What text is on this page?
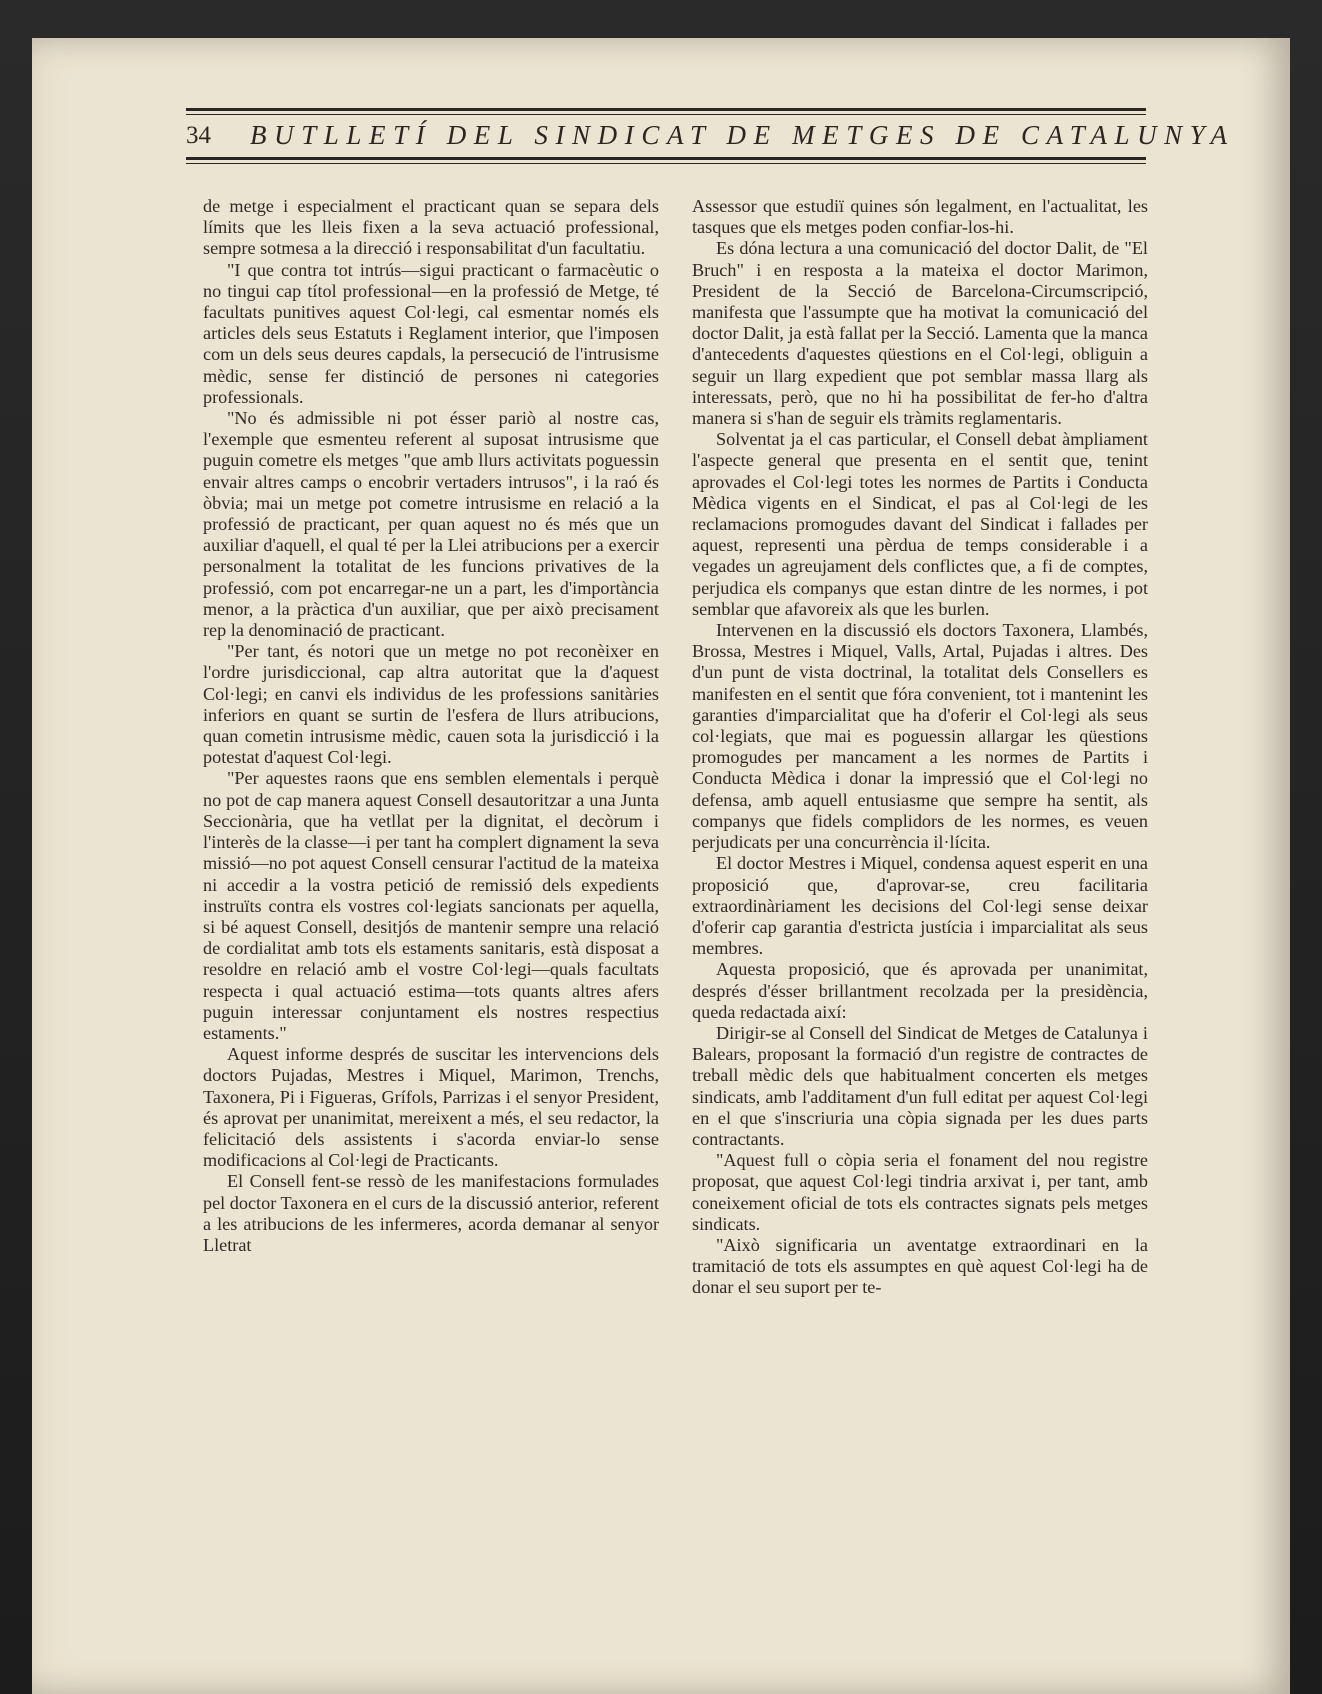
34 BUTLLETÍ DEL SINDICAT DE METGES DE CATALUNYA

de metge i especialment el practicant quan se separa dels límits que les lleis fixen a la seva actuació professional, sempre sotmesa a la direcció i responsabilitat d'un facultatiu.

"I que contra tot intrús—sigui practicant o farmacèutic o no tingui cap títol professional—en la professió de Metge, té facultats punitives aquest Col·legi, cal esmentar només els articles dels seus Estatuts i Reglament interior, que l'imposen com un dels seus deures capdals, la persecució de l'intrusisme mèdic, sense fer distinció de persones ni categories professionals.

"No és admissible ni pot ésser pariò al nostre cas, l'exemple que esmenteu referent al suposat intrusisme que puguin cometre els metges "que amb llurs activitats poguessin envair altres camps o encobrir vertaders intrusos", i la raó és òbvia; mai un metge pot cometre intrusisme en relació a la professió de practicant, per quan aquest no és més que un auxiliar d'aquell, el qual té per la Llei atribucions per a exercir personalment la totalitat de les funcions privatives de la professió, com pot encarregar-ne un a part, les d'importància menor, a la pràctica d'un auxiliar, que per això precisament rep la denominació de practicant.

"Per tant, és notori que un metge no pot reconèixer en l'ordre jurisdiccional, cap altra autoritat que la d'aquest Col·legi; en canvi els individus de les professions sanitàries inferiors en quant se surtin de l'esfera de llurs atribucions, quan cometin intrusisme mèdic, cauen sota la jurisdicció i la potestat d'aquest Col·legi.

"Per aquestes raons que ens semblen elementals i perquè no pot de cap manera aquest Consell desautoritzar a una Junta Seccionària, que ha vetllat per la dignitat, el decòrum i l'interès de la classe—i per tant ha complert dignament la seva missió—no pot aquest Consell censurar l'actitud de la mateixa ni accedir a la vostra petició de remissió dels expedients instruïts contra els vostres col·legiats sancionats per aquella, si bé aquest Consell, desitjós de mantenir sempre una relació de cordialitat amb tots els estaments sanitaris, està disposat a resoldre en relació amb el vostre Col·legi—quals facultats respecta i qual actuació estima—tots quants altres afers puguin interessar conjuntament els nostres respectius estaments."

Aquest informe després de suscitar les intervencions dels doctors Pujadas, Mestres i Miquel, Marimon, Trenchs, Taxonera, Pi i Figueras, Grífols, Parrizas i el senyor President, és aprovat per unanimitat, mereixent a més, el seu redactor, la felicitació dels assistents i s'acorda enviar-lo sense modificacions al Col·legi de Practicants.

El Consell fent-se ressò de les manifestacions formulades pel doctor Taxonera en el curs de la discussió anterior, referent a les atribucions de les infermeres, acorda demanar al senyor Lletrat

Assessor que estudiï quines són legalment, en l'actualitat, les tasques que els metges poden confiar-los-hi.

Es dóna lectura a una comunicació del doctor Dalit, de "El Bruch" i en resposta a la mateixa el doctor Marimon, President de la Secció de Barcelona-Circumscripció, manifesta que l'assumpte que ha motivat la comunicació del doctor Dalit, ja està fallat per la Secció. Lamenta que la manca d'antecedents d'aquestes qüestions en el Col·legi, obliguin a seguir un llarg expedient que pot semblar massa llarg als interessats, però, que no hi ha possibilitat de fer-ho d'altra manera si s'han de seguir els tràmits reglamentaris.

Solventat ja el cas particular, el Consell debat àmpliament l'aspecte general que presenta en el sentit que, tenint aprovades el Col·legi totes les normes de Partits i Conducta Mèdica vigents en el Sindicat, el pas al Col·legi de les reclamacions promogudes davant del Sindicat i fallades per aquest, representi una pèrdua de temps considerable i a vegades un agreujament dels conflictes que, a fi de comptes, perjudica els companys que estan dintre de les normes, i pot semblar que afavoreix als que les burlen.

Intervenen en la discussió els doctors Taxonera, Llambés, Brossa, Mestres i Miquel, Valls, Artal, Pujadas i altres. Des d'un punt de vista doctrinal, la totalitat dels Consellers es manifesten en el sentit que fóra convenient, tot i mantenint les garanties d'imparcialitat que ha d'oferir el Col·legi als seus col·legiats, que mai es poguessin allargar les qüestions promogudes per mancament a les normes de Partits i Conducta Mèdica i donar la impressió que el Col·legi no defensa, amb aquell entusiasme que sempre ha sentit, als companys que fidels complidors de les normes, es veuen perjudicats per una concurrència il·lícita.

El doctor Mestres i Miquel, condensa aquest esperit en una proposició que, d'aprovar-se, creu facilitaria extraordinàriament les decisions del Col·legi sense deixar d'oferir cap garantia d'estricta justícia i imparcialitat als seus membres.

Aquesta proposició, que és aprovada per unanimitat, després d'ésser brillantment recolzada per la presidència, queda redactada així:

Dirigir-se al Consell del Sindicat de Metges de Catalunya i Balears, proposant la formació d'un registre de contractes de treball mèdic dels que habitualment concerten els metges sindicats, amb l'additament d'un full editat per aquest Col·legi en el que s'inscriuria una còpia signada per les dues parts contractants.

"Aquest full o còpia seria el fonament del nou registre proposat, que aquest Col·legi tindria arxivat i, per tant, amb coneixement oficial de tots els contractes signats pels metges sindicats.

"Això significaria un aventatge extraordinari en la tramitació de tots els assumptes en què aquest Col·legi ha de donar el seu suport per te-
